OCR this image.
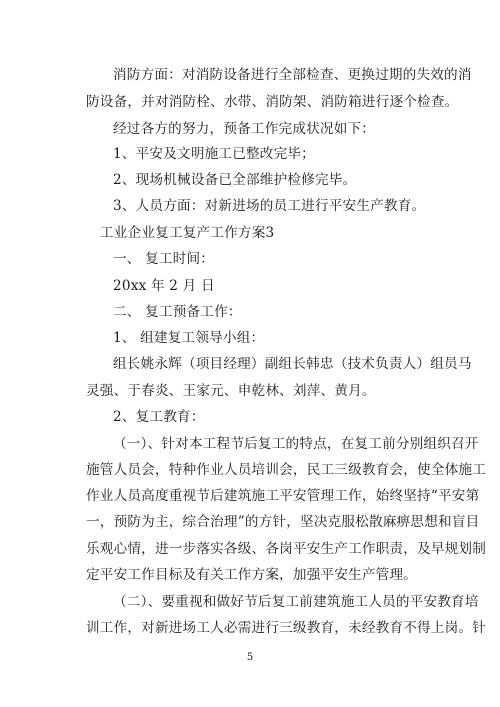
消防方面：对消防设备进行全部检查、更换过期的失效的消
防设备，并对消防栓、水带、消防架、消防箱进行逐个检查。
经过各方的努力，预备工作完成状况如下：
1、平安及文明施工已整改完毕；
2、现场机械设备已全部维护检修完毕。
3、人员方面：对新进场的员工进行平安生产教育。
工业企业复工复产工作方案3
一、 复工时间：
20xx 年 2 月 日
二、 复工预备工作：
1、 组建复工领导小组：
组长姚永辉（项目经理）副组长韩忠（技术负责人）组员马
灵强、于春炎、王家元、申乾林、刘萍、黄月。
2、复工教育：
（一）、针对本工程节后复工的特点，在复工前分别组织召开
施管人员会，特种作业人员培训会，民工三级教育会，使全体施工
作业人员高度重视节后建筑施工平安管理工作，始终坚持“平安第
一，预防为主，综合治理”的方针，坚决克服松散麻痹思想和盲目
乐观心情，进一步落实各级、各岗平安生产工作职责，及早规划制
定平安工作目标及有关工作方案，加强平安生产管理。
（二）、要重视和做好节后复工前建筑施工人员的平安教育培
训工作，对新进场工人必需进行三级教育，未经教育不得上岗。针
5
